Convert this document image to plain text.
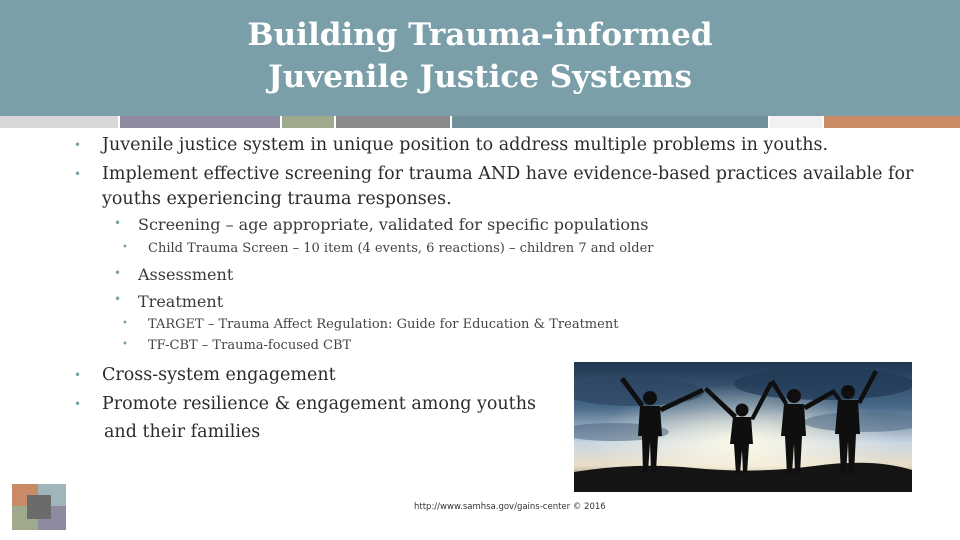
Building Trauma-informed
Juvenile Justice Systems
• Juvenile justice system in unique position to address multiple problems in youths.
• Implement effective screening for trauma AND have evidence-based practices available for
youths experiencing trauma responses.
• Screening – age appropriate, validated for specific populations
• Child Trauma Screen – 10 item (4 events, 6 reactions) – children 7 and older
• Assessment
• Treatment
• TARGET – Trauma Affect Regulation: Guide for Education & Treatment
• TF-CBT – Trauma-focused CBT
• Cross-system engagement
• Promote resilience & engagement among youths
and their families
http://www.samhsa.gov/gains-center © 2016
